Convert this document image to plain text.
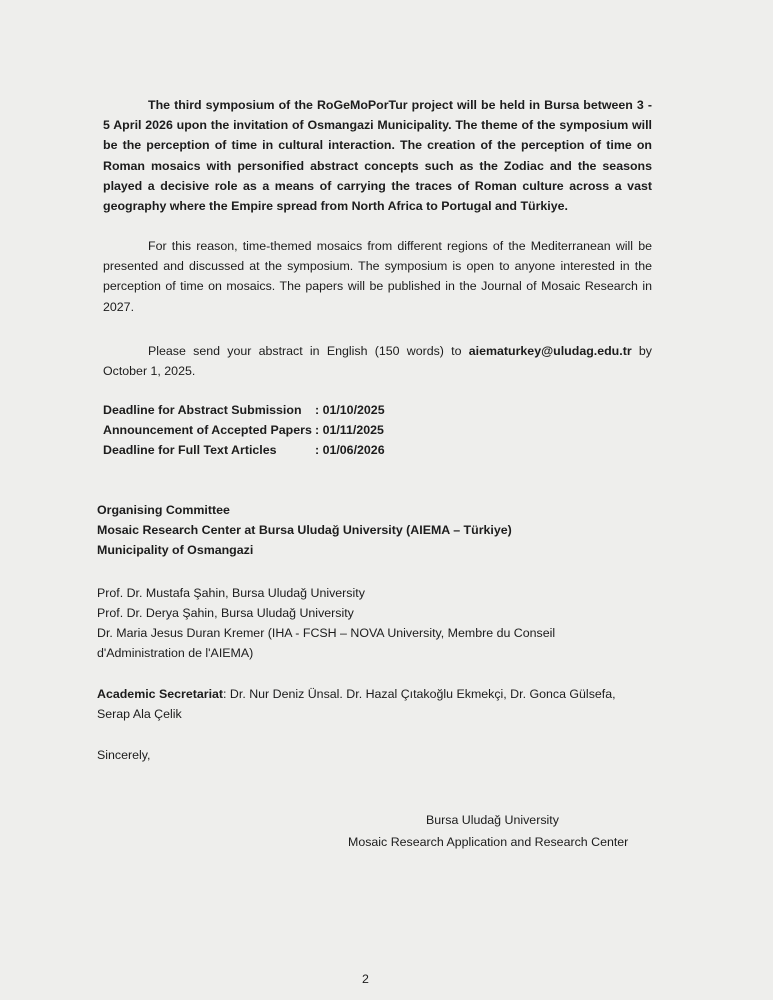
The third symposium of the RoGeMoPorTur project will be held in Bursa between 3 - 5 April 2026 upon the invitation of Osmangazi Municipality. The theme of the symposium will be the perception of time in cultural interaction. The creation of the perception of time on Roman mosaics with personified abstract concepts such as the Zodiac and the seasons played a decisive role as a means of carrying the traces of Roman culture across a vast geography where the Empire spread from North Africa to Portugal and Türkiye.

For this reason, time-themed mosaics from different regions of the Mediterranean will be presented and discussed at the symposium. The symposium is open to anyone interested in the perception of time on mosaics. The papers will be published in the Journal of Mosaic Research in 2027.

Please send your abstract in English (150 words) to aiematurkey@uludag.edu.tr by October 1, 2025.

Deadline for Abstract Submission : 01/10/2025
Announcement of Accepted Papers : 01/11/2025
Deadline for Full Text Articles	: 01/06/2026
Organising Committee
Mosaic Research Center at Bursa Uludağ University (AIEMA – Türkiye)
Municipality of Osmangazi
Prof. Dr. Mustafa Şahin, Bursa Uludağ University
Prof. Dr. Derya Şahin, Bursa Uludağ University
Dr. Maria Jesus Duran Kremer (IHA - FCSH – NOVA University, Membre du Conseil
d'Administration de l'AIEMA)
Academic Secretariat: Dr. Nur Deniz Ünsal. Dr. Hazal Çıtakoğlu Ekmekçi, Dr. Gonca Gülsefa,
Serap Ala Çelik
Sincerely,
Bursa Uludağ University
Mosaic Research Application and Research Center
2
